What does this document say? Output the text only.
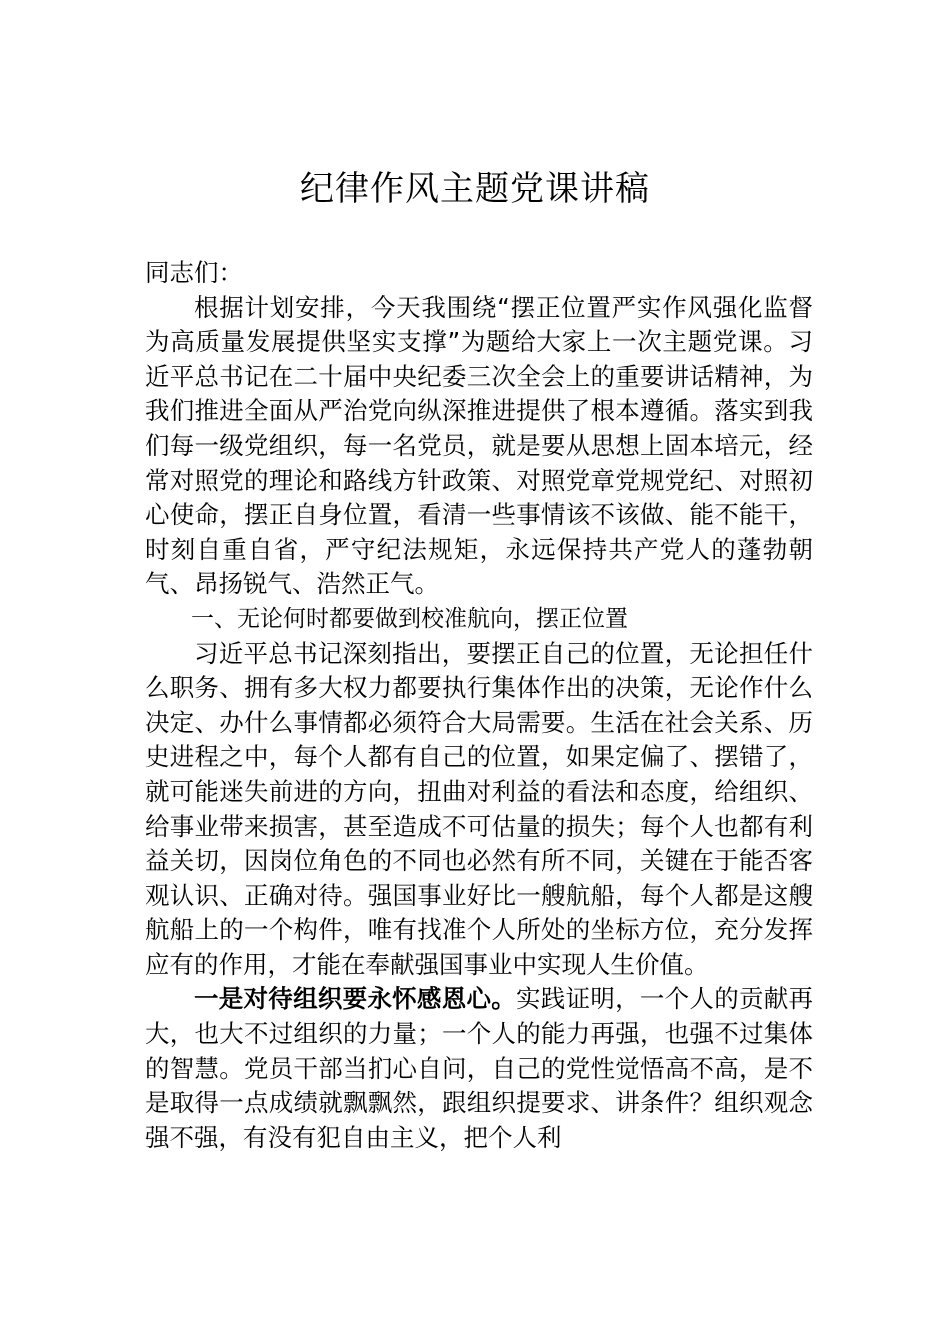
纪律作风主题党课讲稿

同志们：

根据计划安排，今天我围绕“摆正位置严实作风强化监督为高质量发展提供坚实支撑”为题给大家上一次主题党课。习近平总书记在二十届中央纪委三次全会上的重要讲话精神，为我们推进全面从严治党向纵深推进提供了根本遵循。落实到我们每一级党组织，每一名党员，就是要从思想上固本培元，经常对照党的理论和路线方针政策、对照党章党规党纪、对照初心使命，摆正自身位置，看清一些事情该不该做、能不能干，时刻自重自省，严守纪法规矩，永远保持共产党人的蓬勃朝气、昂扬锐气、浩然正气。

一、无论何时都要做到校准航向，摆正位置

习近平总书记深刻指出，要摆正自己的位置，无论担任什么职务、拥有多大权力都要执行集体作出的决策，无论作什么决定、办什么事情都必须符合大局需要。生活在社会关系、历史进程之中，每个人都有自己的位置，如果定偏了、摆错了，就可能迷失前进的方向，扭曲对利益的看法和态度，给组织、给事业带来损害，甚至造成不可估量的损失；每个人也都有利益关切，因岗位角色的不同也必然有所不同，关键在于能否客观认识、正确对待。强国事业好比一艘航船，每个人都是这艘航船上的一个构件，唯有找准个人所处的坐标方位，充分发挥应有的作用，才能在奉献强国事业中实现人生价值。

一是对待组织要永怀感恩心。实践证明，一个人的贡献再大，也大不过组织的力量；一个人的能力再强，也强不过集体的智慧。党员干部当扪心自问，自己的党性觉悟高不高，是不是取得一点成绩就飘飘然，跟组织提要求、讲条件？组织观念强不强，有没有犯自由主义，把个人利
